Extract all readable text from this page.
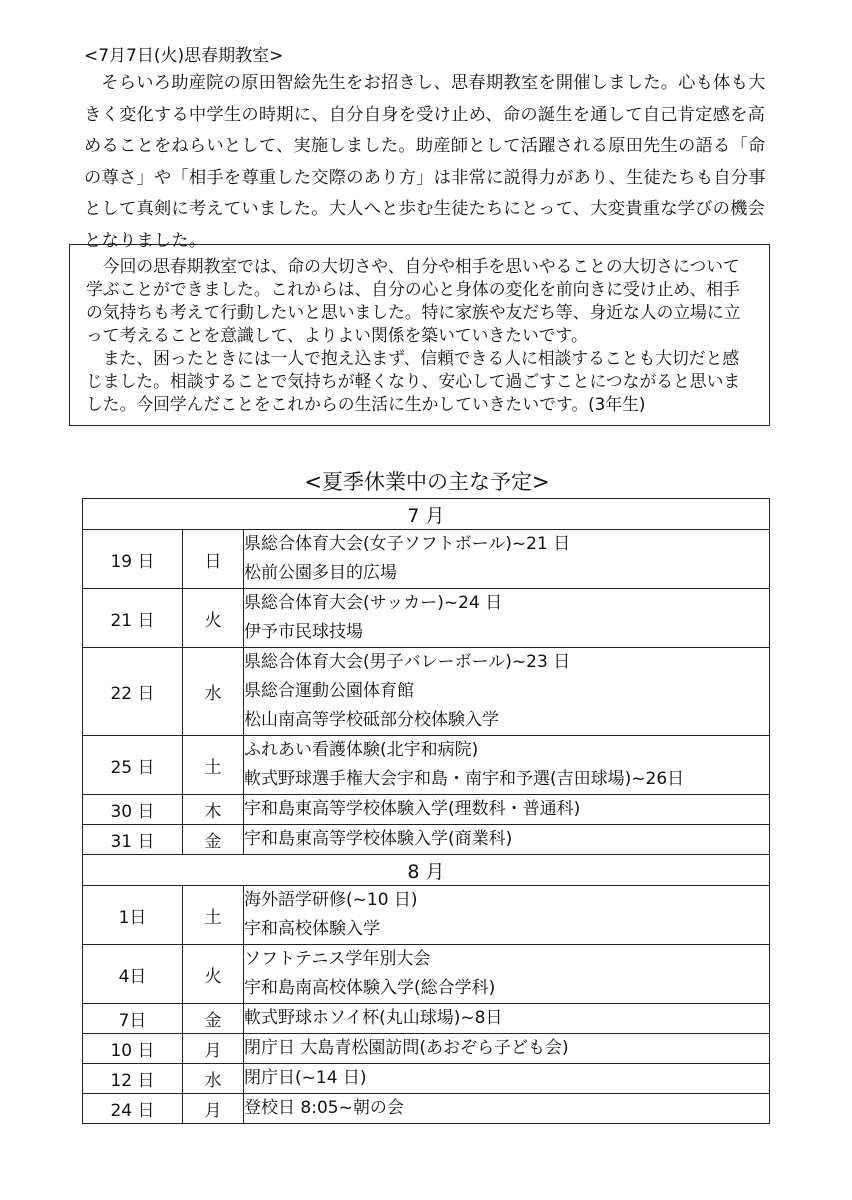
<7月7日(火)思春期教室>

そらいろ助産院の原田智絵先生をお招きし、思春期教室を開催しました。心も体も大きく変化する中学生の時期に、自分自身を受け止め、命の誕生を通して自己肯定感を高めることをねらいとして、実施しました。助産師として活躍される原田先生の語る「命の尊さ」や「相手を尊重した交際のあり方」は非常に説得力があり、生徒たちも自分事として真剣に考えていました。大人へと歩む生徒たちにとって、大変貴重な学びの機会となりました。

今回の思春期教室では、命の大切さや、自分や相手を思いやることの大切さについて学ぶことができました。これからは、自分の心と身体の変化を前向きに受け止め、相手の気持ちも考えて行動したいと思いました。特に家族や友だち等、身近な人の立場に立って考えることを意識して、よりよい関係を築いていきたいです。

また、困ったときには一人で抱え込まず、信頼できる人に相談することも大切だと感じました。相談することで気持ちが軽くなり、安心して過ごすことにつながると思いました。今回学んだことをこれからの生活に生かしていきたいです。(3年生)

<夏季休業中の主な予定>
7 月		
19 日	日	県総合体育大会(女子ソフトボール)~21 日
松前公園多目的広場

21 日	火	県総合体育大会(サッカー)~24 日
伊予市民球技場

22 日	水	県総合体育大会(男子バレーボール)~23 日
県総合運動公園体育館
松山南高等学校砥部分校体験入学

25 日	土	ふれあい看護体験(北宇和病院)
軟式野球選手権大会宇和島・南宇和予選(吉田球場)~26日

30 日	木	宇和島東高等学校体験入学(理数科・普通科)

31 日	金	宇和島東高等学校体験入学(商業科)

8 月		
1日	土	海外語学研修(~10 日)
宇和高校体験入学

4日	火	ソフトテニス学年別大会
宇和島南高校体験入学(総合学科)

7日	金	軟式野球ホソイ杯(丸山球場)~8日

10 日	月	閉庁日 大島青松園訪問(あおぞら子ども会)

12 日	水	閉庁日(~14 日)

24 日	月	登校日 8:05~朝の会
